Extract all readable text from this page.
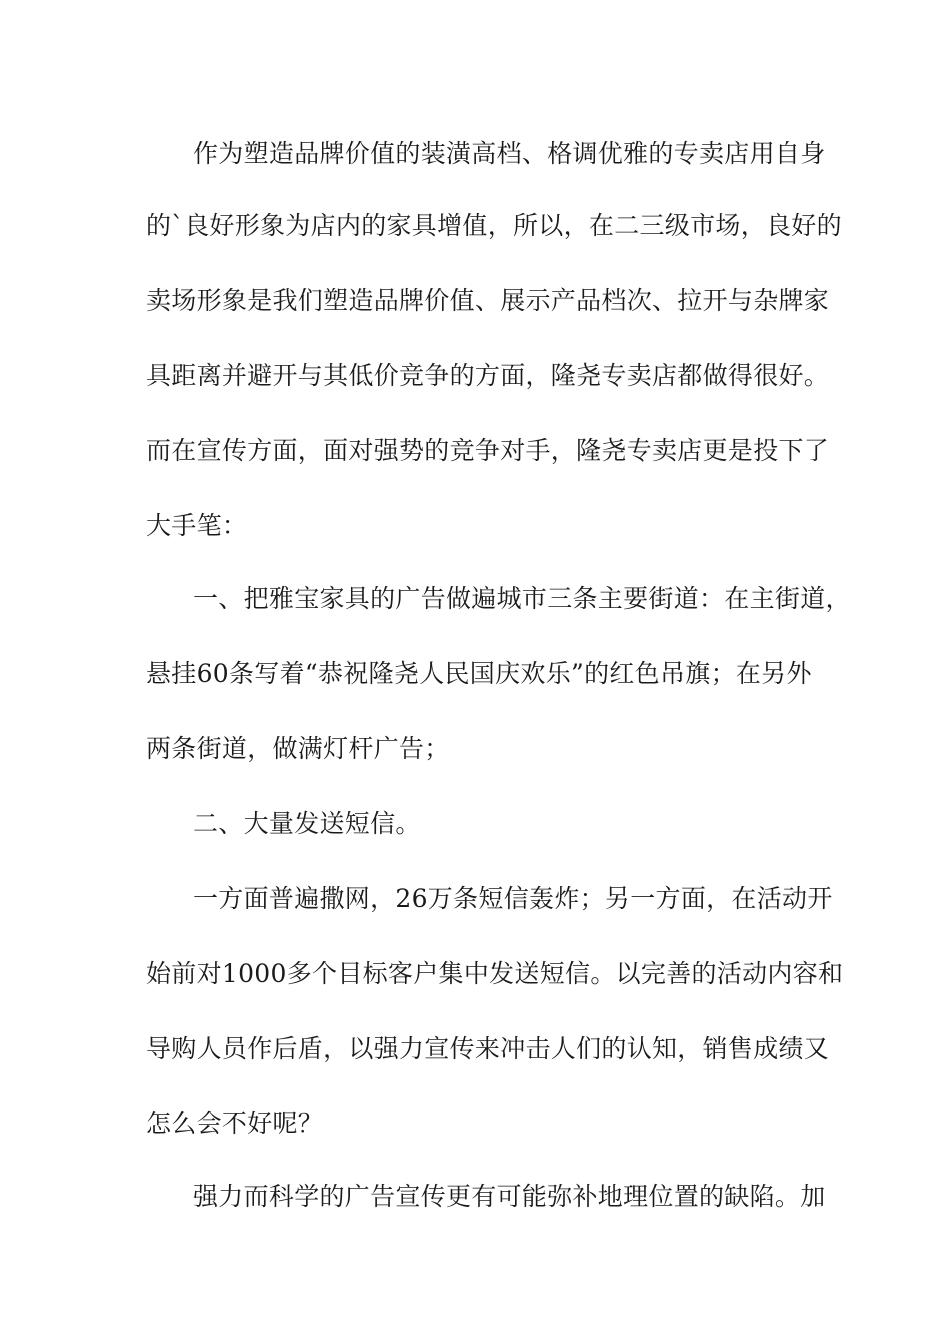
作为塑造品牌价值的装潢高档、格调优雅的专卖店用自身
的`良好形象为店内的家具增值，所以，在二三级市场，良好的
卖场形象是我们塑造品牌价值、展示产品档次、拉开与杂牌家
具距离并避开与其低价竞争的方面，隆尧专卖店都做得很好。
而在宣传方面，面对强势的竞争对手，隆尧专卖店更是投下了
大手笔：
一、把雅宝家具的广告做遍城市三条主要街道：在主街道，
悬挂60条写着“恭祝隆尧人民国庆欢乐”的红色吊旗；在另外
两条街道，做满灯杆广告；
二、大量发送短信。
一方面普遍撒网，26万条短信轰炸；另一方面，在活动开
始前对1000多个目标客户集中发送短信。以完善的活动内容和
导购人员作后盾，以强力宣传来冲击人们的认知，销售成绩又
怎么会不好呢？
强力而科学的广告宣传更有可能弥补地理位置的缺陷。加
